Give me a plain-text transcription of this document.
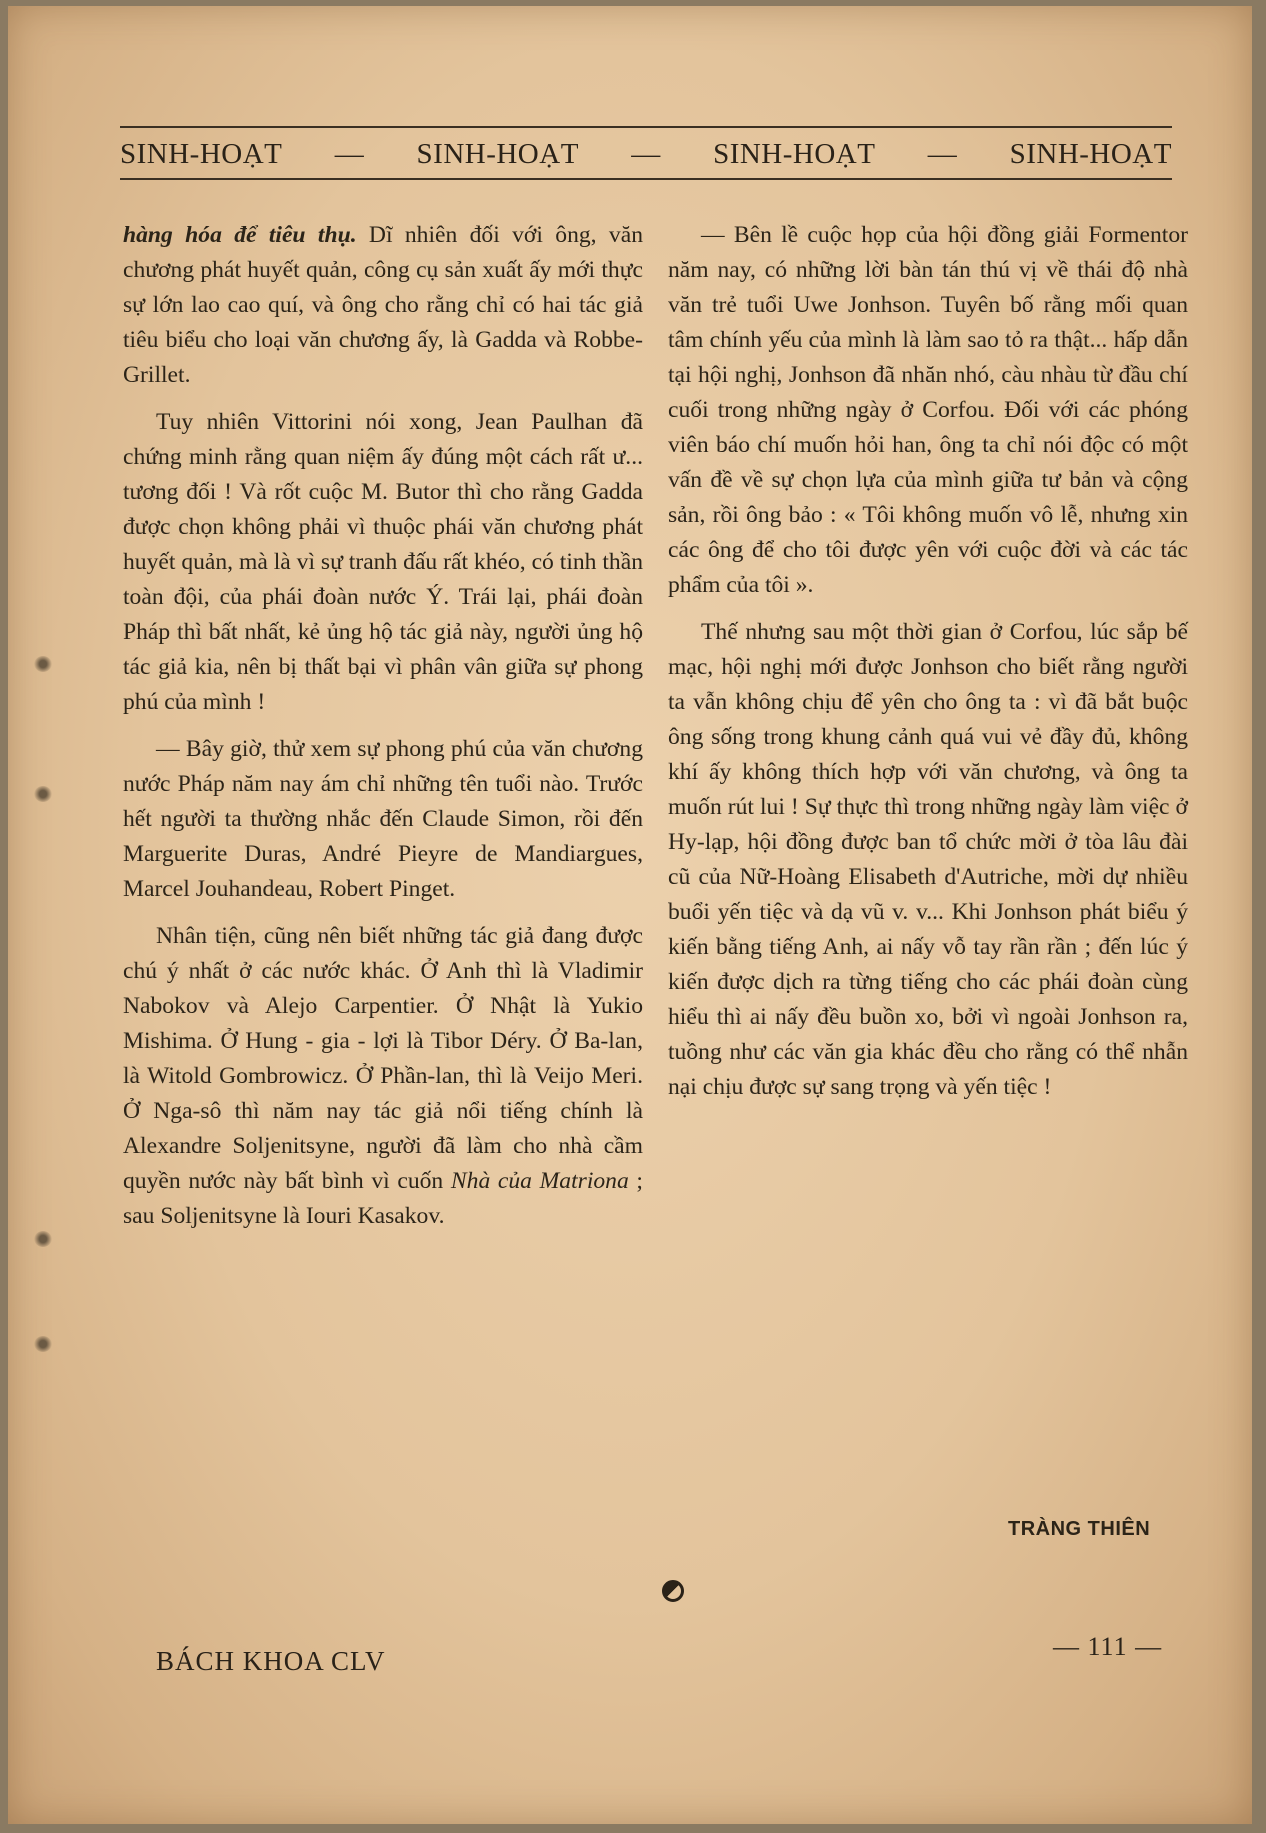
SINH-HOẠT — SINH-HOẠT — SINH-HOẠT — SINH-HOẠT

hàng hóa để tiêu thụ. Dĩ nhiên đối với ông, văn chương phát huyết quản, công cụ sản xuất ấy mới thực sự lớn lao cao quí, và ông cho rằng chỉ có hai tác giả tiêu biểu cho loại văn chương ấy, là Gadda và Robbe-Grillet.

Tuy nhiên Vittorini nói xong, Jean Paulhan đã chứng minh rằng quan niệm ấy đúng một cách rất ư... tương đối ! Và rốt cuộc M. Butor thì cho rằng Gadda được chọn không phải vì thuộc phái văn chương phát huyết quản, mà là vì sự tranh đấu rất khéo, có tinh thần toàn đội, của phái đoàn nước Ý. Trái lại, phái đoàn Pháp thì bất nhất, kẻ ủng hộ tác giả này, người ủng hộ tác giả kia, nên bị thất bại vì phân vân giữa sự phong phú của mình !

— Bây giờ, thử xem sự phong phú của văn chương nước Pháp năm nay ám chỉ những tên tuổi nào. Trước hết người ta thường nhắc đến Claude Simon, rồi đến Marguerite Duras, André Pieyre de Mandiargues, Marcel Jouhandeau, Robert Pinget.

Nhân tiện, cũng nên biết những tác giả đang được chú ý nhất ở các nước khác. Ở Anh thì là Vladimir Nabokov và Alejo Carpentier. Ở Nhật là Yukio Mishima. Ở Hung - gia - lợi là Tibor Déry. Ở Ba-lan, là Witold Gombrowicz. Ở Phần-lan, thì là Veijo Meri. Ở Nga-sô thì năm nay tác giả nổi tiếng chính là Alexandre Soljenitsyne, người đã làm cho nhà cầm quyền nước này bất bình vì cuốn Nhà của Matriona ; sau Soljenitsyne là Iouri Kasakov.

— Bên lề cuộc họp của hội đồng giải Formentor năm nay, có những lời bàn tán thú vị về thái độ nhà văn trẻ tuổi Uwe Jonhson. Tuyên bố rằng mối quan tâm chính yếu của mình là làm sao tỏ ra thật... hấp dẫn tại hội nghị, Jonhson đã nhăn nhó, càu nhàu từ đầu chí cuối trong những ngày ở Corfou. Đối với các phóng viên báo chí muốn hỏi han, ông ta chỉ nói độc có một vấn đề về sự chọn lựa của mình giữa tư bản và cộng sản, rồi ông bảo : « Tôi không muốn vô lễ, nhưng xin các ông để cho tôi được yên với cuộc đời và các tác phẩm của tôi ».

Thế nhưng sau một thời gian ở Corfou, lúc sắp bế mạc, hội nghị mới được Jonhson cho biết rằng người ta vẫn không chịu để yên cho ông ta : vì đã bắt buộc ông sống trong khung cảnh quá vui vẻ đầy đủ, không khí ấy không thích hợp với văn chương, và ông ta muốn rút lui ! Sự thực thì trong những ngày làm việc ở Hy-lạp, hội đồng được ban tổ chức mời ở tòa lâu đài cũ của Nữ-Hoàng Elisabeth d'Autriche, mời dự nhiều buổi yến tiệc và dạ vũ v. v... Khi Jonhson phát biểu ý kiến bằng tiếng Anh, ai nấy vỗ tay rần rần ; đến lúc ý kiến được dịch ra từng tiếng cho các phái đoàn cùng hiểu thì ai nấy đều buồn xo, bởi vì ngoài Jonhson ra, tuồng như các văn gia khác đều cho rằng có thể nhẫn nại chịu được sự sang trọng và yến tiệc !

TRÀNG THIÊN
BÁCH KHOA CLV	— 111 —
